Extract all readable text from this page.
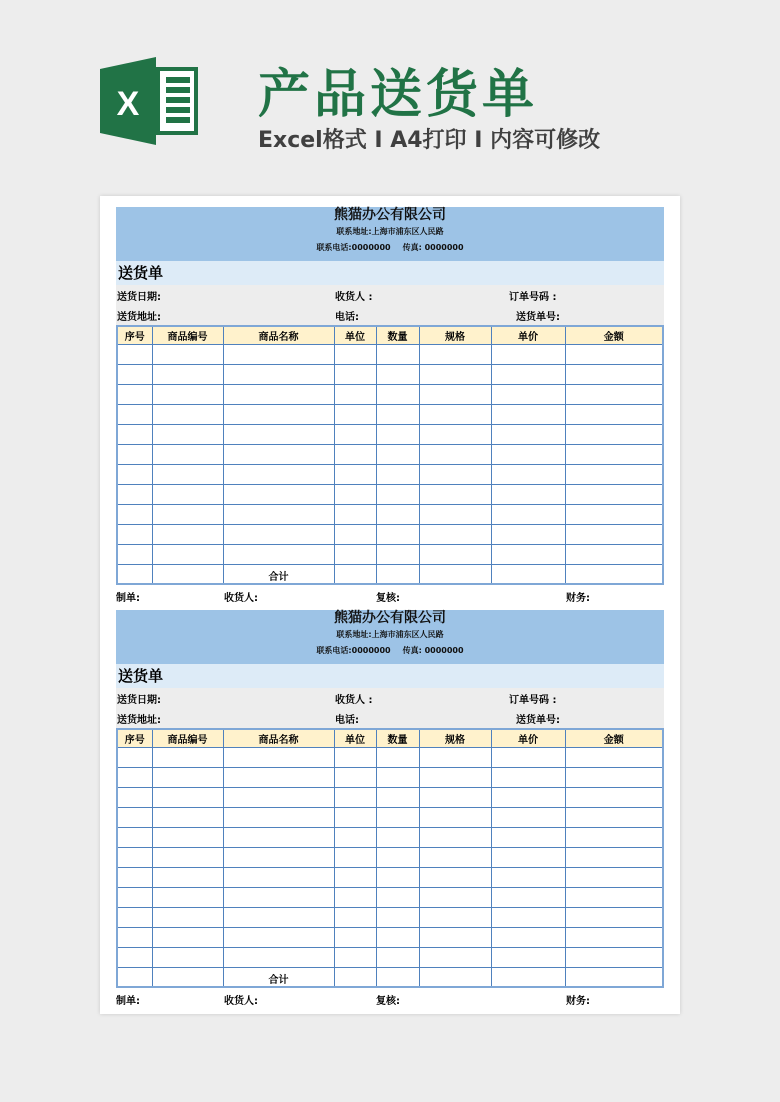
X 产品送货单
Excel格式 I A4打印 I 内容可修改
熊猫办公有限公司
联系地址:上海市浦东区人民路
联系电话:0000000 传真: 0000000
送货单
送货日期:	收货人 :	订单号码 :
送货地址:	电话:	送货单号:
序号	商品编号	商品名称	单位	数量	规格	单价	金额

		合计					
制单:	收货人:	复核:	财务:
熊猫办公有限公司
联系地址:上海市浦东区人民路
联系电话:0000000 传真: 0000000
送货单
送货日期:	收货人 :	订单号码 :
送货地址:	电话:	送货单号:
序号	商品编号	商品名称	单位	数量	规格	单价	金额

		合计					
制单:	收货人:	复核:	财务:
